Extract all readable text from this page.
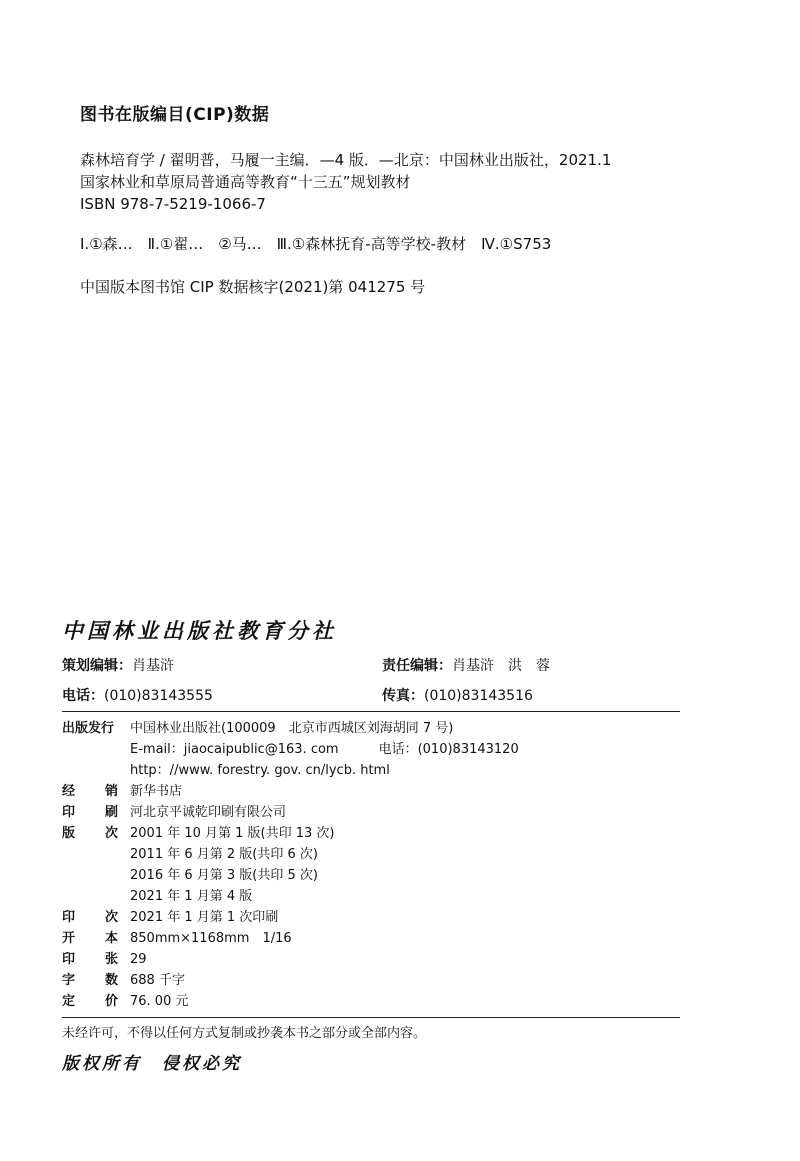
图书在版编目(CIP)数据
森林培育学 / 翟明普，马履一主编．—4 版．—北京：中国林业出版社，2021.1
国家林业和草原局普通高等教育“十三五”规划教材
ISBN 978-7-5219-1066-7
Ⅰ.①森…　Ⅱ.①翟…　②马…　Ⅲ.①森林抚育-高等学校-教材　Ⅳ.①S753
中国版本图书馆 CIP 数据核字(2021)第 041275 号
中国林业出版社教育分社
策划编辑：肖基浒	责任编辑：肖基浒　洪　蓉
电话：(010)83143555	传真：(010)83143516
出版发行	中国林业出版社(100009　北京市西城区刘海胡同 7 号)
E-mail：jiaocaipublic@163. com	电话：(010)83143120
http：//www. forestry. gov. cn/lycb. html
经 销 新华书店
印 刷 河北京平诚乾印刷有限公司
版 次 2001 年 10 月第 1 版(共印 13 次)
2011 年 6 月第 2 版(共印 6 次)
2016 年 6 月第 3 版(共印 5 次)
2021 年 1 月第 4 版
印 次 2021 年 1 月第 1 次印刷
开 本 850mm×1168mm　1/16
印 张 29
字 数 688 千字
定 价 76. 00 元
未经许可，不得以任何方式复制或抄袭本书之部分或全部内容。
版权所有 侵权必究
